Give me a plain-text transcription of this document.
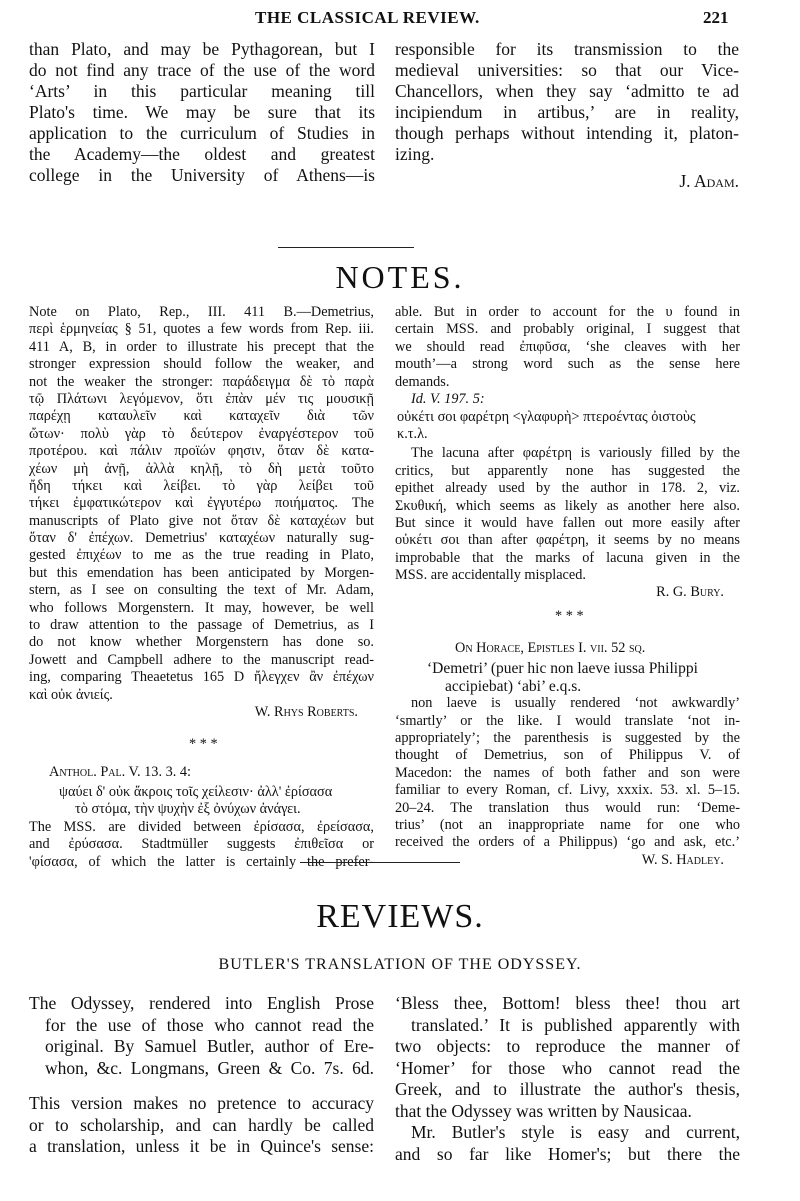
THE CLASSICAL REVIEW.	221
than Plato, and may be Pythagorean, but I
do not find any trace of the use of the word
‘Arts’ in this particular meaning till
Plato's time. We may be sure that its
application to the curriculum of Studies in
the Academy—the oldest and greatest
college in the University of Athens—is
responsible for its transmission to the
medieval universities: so that our Vice-
Chancellors, when they say ‘admitto te ad
incipiendum in artibus,’ are in reality,
though perhaps without intending it, platon-
izing.
J. Adam.
NOTES.
Note on Plato, Rep., III. 411 B.—Demetrius,
περὶ ἑρμηνείας § 51, quotes a few words from Rep. iii.
411 A, B, in order to illustrate his precept that the
stronger expression should follow the weaker, and
not the weaker the stronger: παράδειγμα δὲ τὸ παρὰ
τῷ Πλάτωνι λεγόμενον, ὅτι ἐπὰν μέν τις μουσικῇ
παρέχῃ καταυλεῖν καὶ καταχεῖν διὰ τῶν
ὤτων· πολὺ γὰρ τὸ δεύτερον ἐναργέστερον τοῦ
προτέρου. καὶ πάλιν προϊών φησιν, ὅταν δὲ κατα-
χέων μὴ ἀνῇ, ἀλλὰ κηλῇ, τὸ δὴ μετὰ τοῦτο
ἤδη τήκει καὶ λείβει. τὸ γὰρ λείβει τοῦ
τήκει ἐμφατικώτερον καὶ ἐγγυτέρω ποιήματος. The
manuscripts of Plato give not ὅταν δὲ καταχέων but
ὅταν δ' ἐπέχων. Demetrius' καταχέων naturally sug-
gested ἐπιχέων to me as the true reading in Plato,
but this emendation has been anticipated by Morgen-
stern, as I see on consulting the text of Mr. Adam,
who follows Morgenstern. It may, however, be well
to draw attention to the passage of Demetrius, as I
do not know whether Morgenstern has done so.
Jowett and Campbell adhere to the manuscript read-
ing, comparing Theaetetus 165 D ἤλεγχεν ἂν ἐπέχων
καὶ οὐκ ἀνιείς.
W. Rhys Roberts.
* * *
Anthol. Pal. V. 13. 3. 4:
ψαύει δ' οὐκ ἄκροις τοῖς χείλεσιν· ἀλλ' ἐρίσασα
τὸ στόμα, τὴν ψυχὴν ἐξ ὀνύχων ἀνάγει.
The MSS. are divided between ἐρίσασα, ἐρείσασα,
and ἐρύσασα. Stadtmüller suggests ἐπιθεῖσα or
'φίσασα, of which the latter is certainly the prefer-
able. But in order to account for the υ found in
certain MSS. and probably original, I suggest that
we should read ἐπιφῦσα, ‘she cleaves with her
mouth’—a strong word such as the sense here
demands.
Id. V. 197. 5:
οὐκέτι σοι φαρέτρη <γλαφυρὴ> πτεροέντας ὀιστοὺς
κ.τ.λ.
The lacuna after φαρέτρη is variously filled by the
critics, but apparently none has suggested the
epithet already used by the author in 178. 2, viz.
Σκυθική, which seems as likely as another here also.
But since it would have fallen out more easily after
οὐκέτι σοι than after φαρέτρη, it seems by no means
improbable that the marks of lacuna given in the
MSS. are accidentally misplaced.
R. G. Bury.
* * *
On Horace, Epistles I. vii. 52 sq.
‘Demetri’ (puer hic non laeve iussa Philippi
accipiebat) ‘abi’ e.q.s.
non laeve is usually rendered ‘not awkwardly’
‘smartly’ or the like. I would translate ‘not in-
appropriately’; the parenthesis is suggested by the
thought of Demetrius, son of Philippus V. of
Macedon: the names of both father and son were
familiar to every Roman, cf. Livy, xxxix. 53. xl. 5–15.
20–24. The translation thus would run: ‘Deme-
trius’ (not an inappropriate name for one who
received the orders of a Philippus) ‘go and ask, etc.’
W. S. Hadley.
REVIEWS.
BUTLER'S TRANSLATION OF THE ODYSSEY.
The Odyssey, rendered into English Prose
for the use of those who cannot read the
original. By Samuel Butler, author of Ere-
whon, &c. Longmans, Green & Co. 7s. 6d.
This version makes no pretence to accuracy
or to scholarship, and can hardly be called
a translation, unless it be in Quince's sense:
‘Bless thee, Bottom! bless thee! thou art
translated.’ It is published apparently with
two objects: to reproduce the manner of
‘Homer’ for those who cannot read the
Greek, and to illustrate the author's thesis,
that the Odyssey was written by Nausicaa.
Mr. Butler's style is easy and current,
and so far like Homer's; but there the
